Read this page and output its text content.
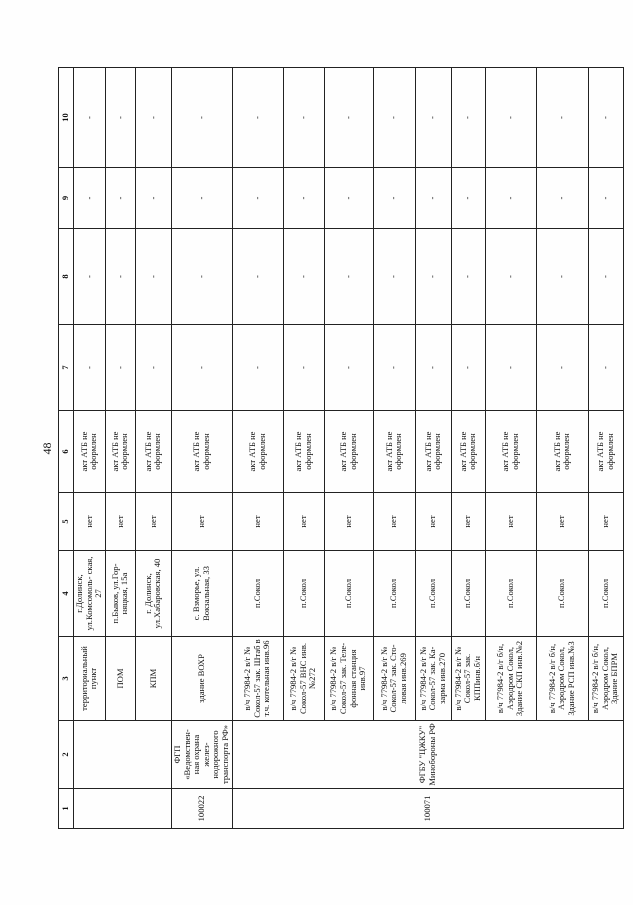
48
1	2	3	4	5	6	7	8	9	10
		территориальный пункт	г.Долинск, ул.Комсомоль- ская, 27	нет	акт АТБ не оформлен	-	-	-	-
		ПОМ	п.Быков, ул.Гор- няцкая, 15а	нет	акт АТБ не оформлен	-	-	-	-
		КПМ	г. Долинск, ул.Хабаровская, 40	нет	акт АТБ не оформлен	-	-	-	-
100022	ФГП «Ведомствен- ная охрана желез- нодорожного транспорта РФ»	здание ВОХР	с. Взморье, ул. Вокзальная, 33	нет	акт АТБ не оформлен	-	-	-	-
100071	ФГБУ "ЦЖКУ" Минобороны РФ	в/ч 77984-2 в/г № Сокол-57 зак. Штаб в т.ч. котельная инв.96	п.Сокол	нет	акт АТБ не оформлен	-	-	-	-
		в/ч 77984-2 в/г № Сокол-57 ВНС инв.№272	п.Сокол	нет	акт АТБ не оформлен	-	-	-	-
		в/ч 77984-2 в/г № Сокол-57 зак. Теле- фонная станция инв.97	п.Сокол	нет	акт АТБ не оформлен	-	-	-	-
		в/ч 77984-2 в/г № Сокол-57 зак. Сто- ловая инв.269	п.Сокол	нет	акт АТБ не оформлен	-	-	-	-
		в/ч 77984-2 в/г № Сокол-57 зак. Ка- зарма инв.270	п.Сокол	нет	акт АТБ не оформлен	-	-	-	-
		в/ч 77984-2 в/г № Сокол-57 зак. КППинв.б/н	п.Сокол	нет	акт АТБ не оформлен	-	-	-	-
		в/ч 77984-2 в/г б/н, Аэродром Сокол, Здание СКП инв.№2	п.Сокол	нет	акт АТБ не оформлен	-	-	-	-
		в/ч 77984-2 в/г б/н, Аэродром Сокол, Здание РСП инв.№3	п.Сокол	нет	акт АТБ не оформлен	-	-	-	-
		в/ч 77984-2 в/г б/н, Аэродром Сокол, Здание БПРМ	п.Сокол	нет	акт АТБ не оформлен	-	-	-	-
